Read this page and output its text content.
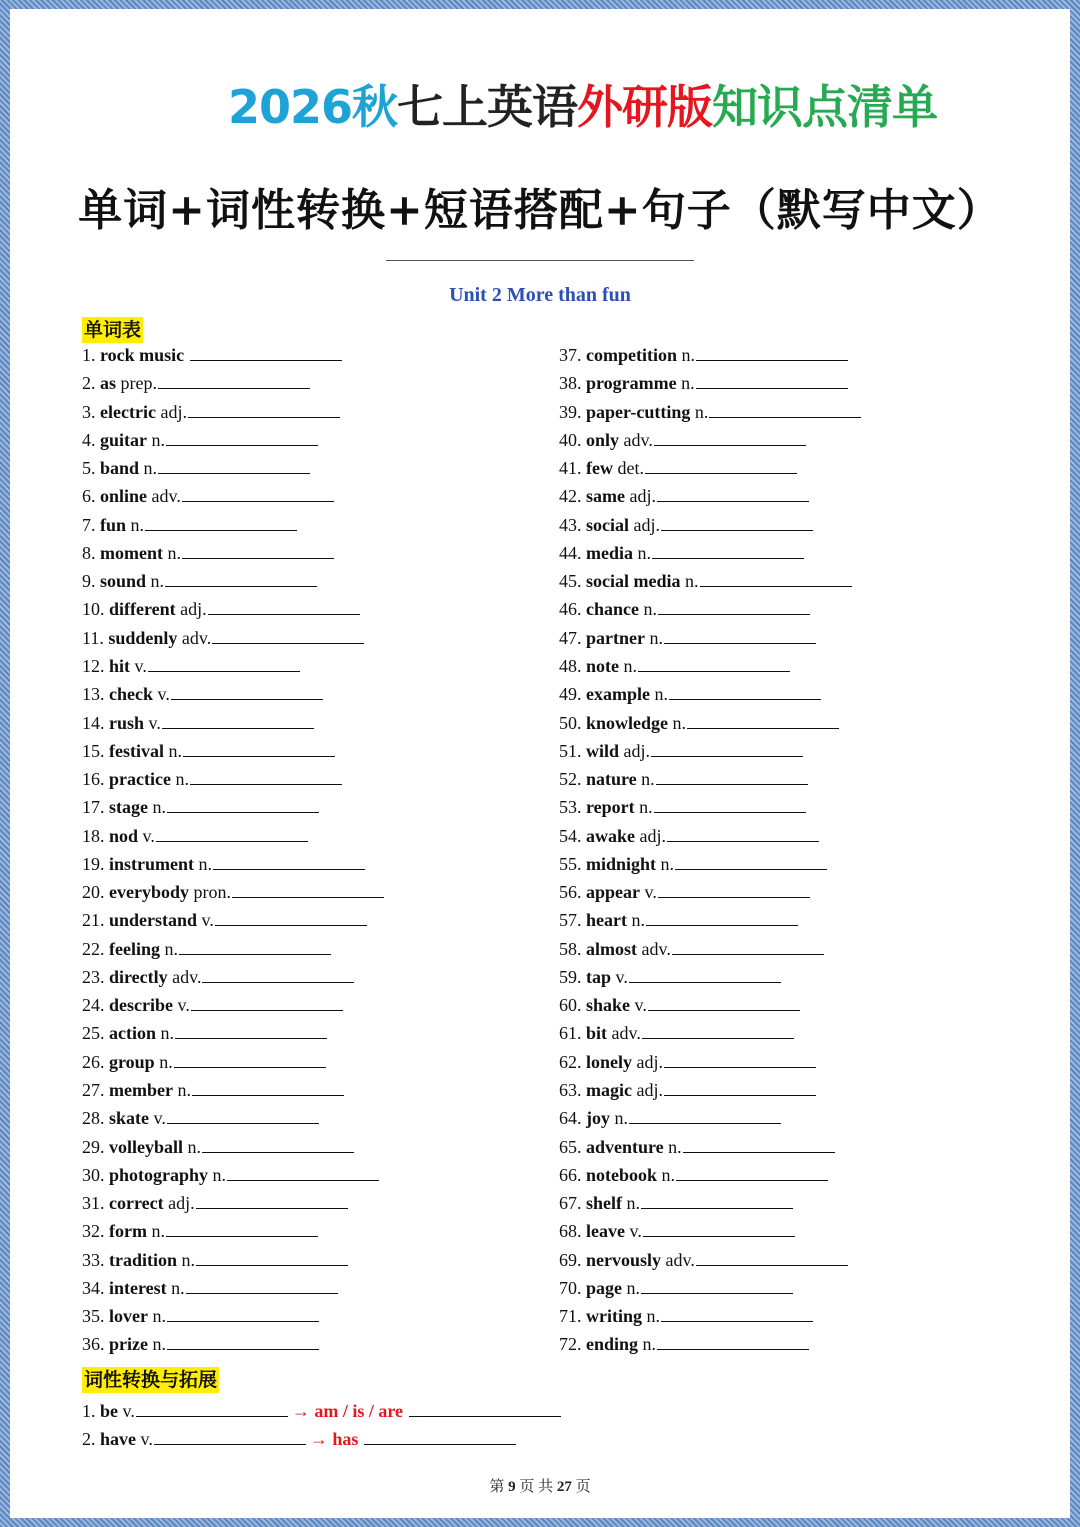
2026秋七上英语外研版知识点清单
单词+词性转换+短语搭配+句子（默写中文）
Unit 2 More than fun
单词表
1. rock music
2. as prep.
3. electric adj.
4. guitar n.
5. band n.
6. online adv.
7. fun n.
8. moment n.
9. sound n.
10. different adj.
11. suddenly adv.
12. hit v.
13. check v.
14. rush v.
15. festival n.
16. practice n.
17. stage n.
18. nod v.
19. instrument n.
20. everybody pron.
21. understand v.
22. feeling n.
23. directly adv.
24. describe v.
25. action n.
26. group n.
27. member n.
28. skate v.
29. volleyball n.
30. photography n.
31. correct adj.
32. form n.
33. tradition n.
34. interest n.
35. lover n.
36. prize n.
37. competition n.
38. programme n.
39. paper-cutting n.
40. only adv.
41. few det.
42. same adj.
43. social adj.
44. media n.
45. social media n.
46. chance n.
47. partner n.
48. note n.
49. example n.
50. knowledge n.
51. wild adj.
52. nature n.
53. report n.
54. awake adj.
55. midnight n.
56. appear v.
57. heart n.
58. almost adv.
59. tap v.
60. shake v.
61. bit adv.
62. lonely adj.
63. magic adj.
64. joy n.
65. adventure n.
66. notebook n.
67. shelf n.
68. leave v.
69. nervously adv.
70. page n.
71. writing n.
72. ending n.
词性转换与拓展
1. be v.	→ am / is / are
2. have v.	→ has
第 9 页 共 27 页
